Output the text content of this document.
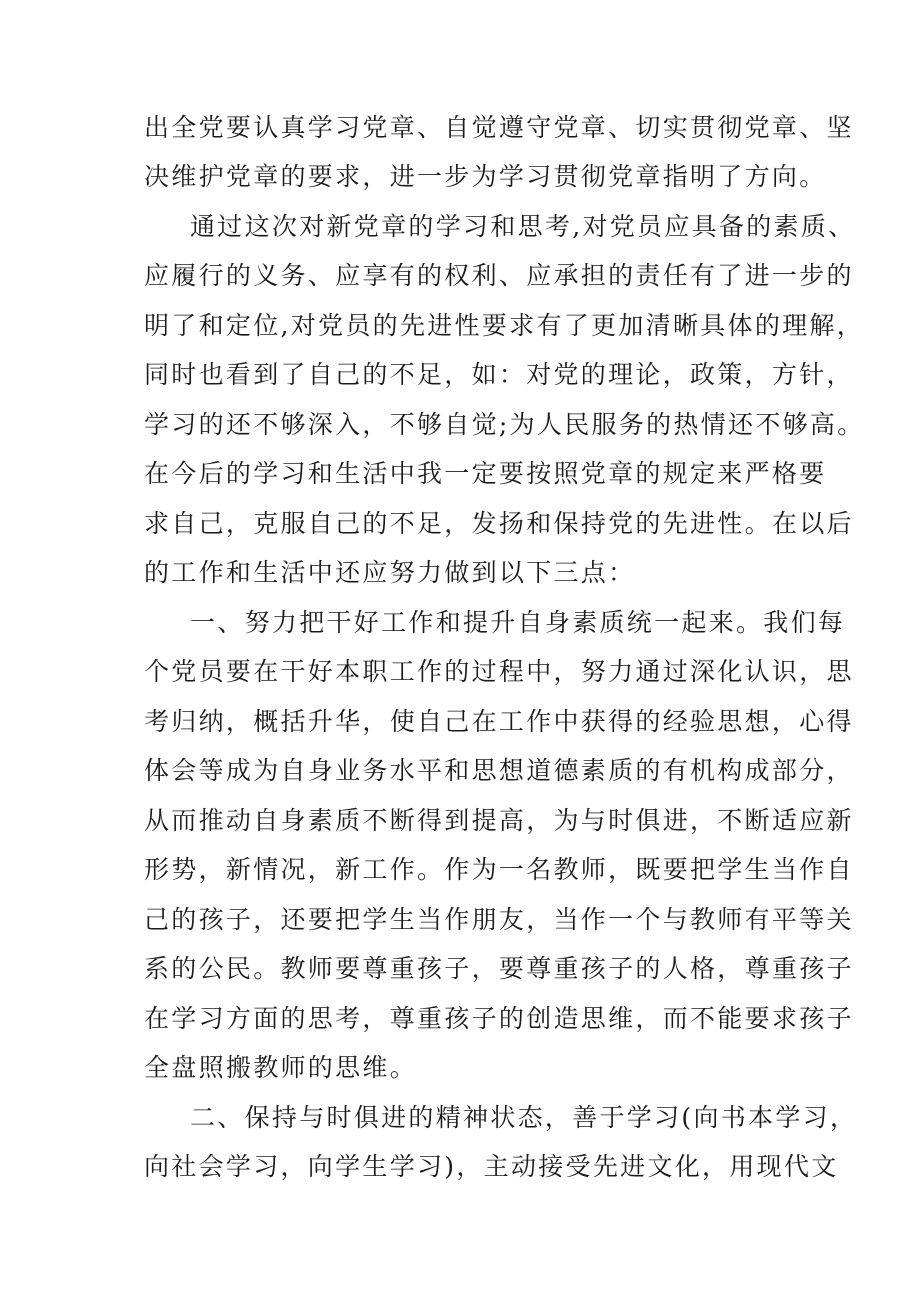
出全党要认真学习党章、自觉遵守党章、切实贯彻党章、坚
决维护党章的要求，进一步为学习贯彻党章指明了方向。
通过这次对新党章的学习和思考,对党员应具备的素质、
应履行的义务、应享有的权利、应承担的责任有了进一步的
明了和定位,对党员的先进性要求有了更加清晰具体的理解，
同时也看到了自己的不足，如：对党的理论，政策，方针，
学习的还不够深入，不够自觉;为人民服务的热情还不够高。
在今后的学习和生活中我一定要按照党章的规定来严格要
求自己，克服自己的不足，发扬和保持党的先进性。在以后
的工作和生活中还应努力做到以下三点：
一、努力把干好工作和提升自身素质统一起来。我们每
个党员要在干好本职工作的过程中，努力通过深化认识，思
考归纳，概括升华，使自己在工作中获得的经验思想，心得
体会等成为自身业务水平和思想道德素质的有机构成部分，
从而推动自身素质不断得到提高，为与时俱进，不断适应新
形势，新情况，新工作。作为一名教师，既要把学生当作自
己的孩子，还要把学生当作朋友，当作一个与教师有平等关
系的公民。教师要尊重孩子，要尊重孩子的人格，尊重孩子
在学习方面的思考，尊重孩子的创造思维，而不能要求孩子
全盘照搬教师的思维。
二、保持与时俱进的精神状态，善于学习(向书本学习，
向社会学习，向学生学习)，主动接受先进文化，用现代文
